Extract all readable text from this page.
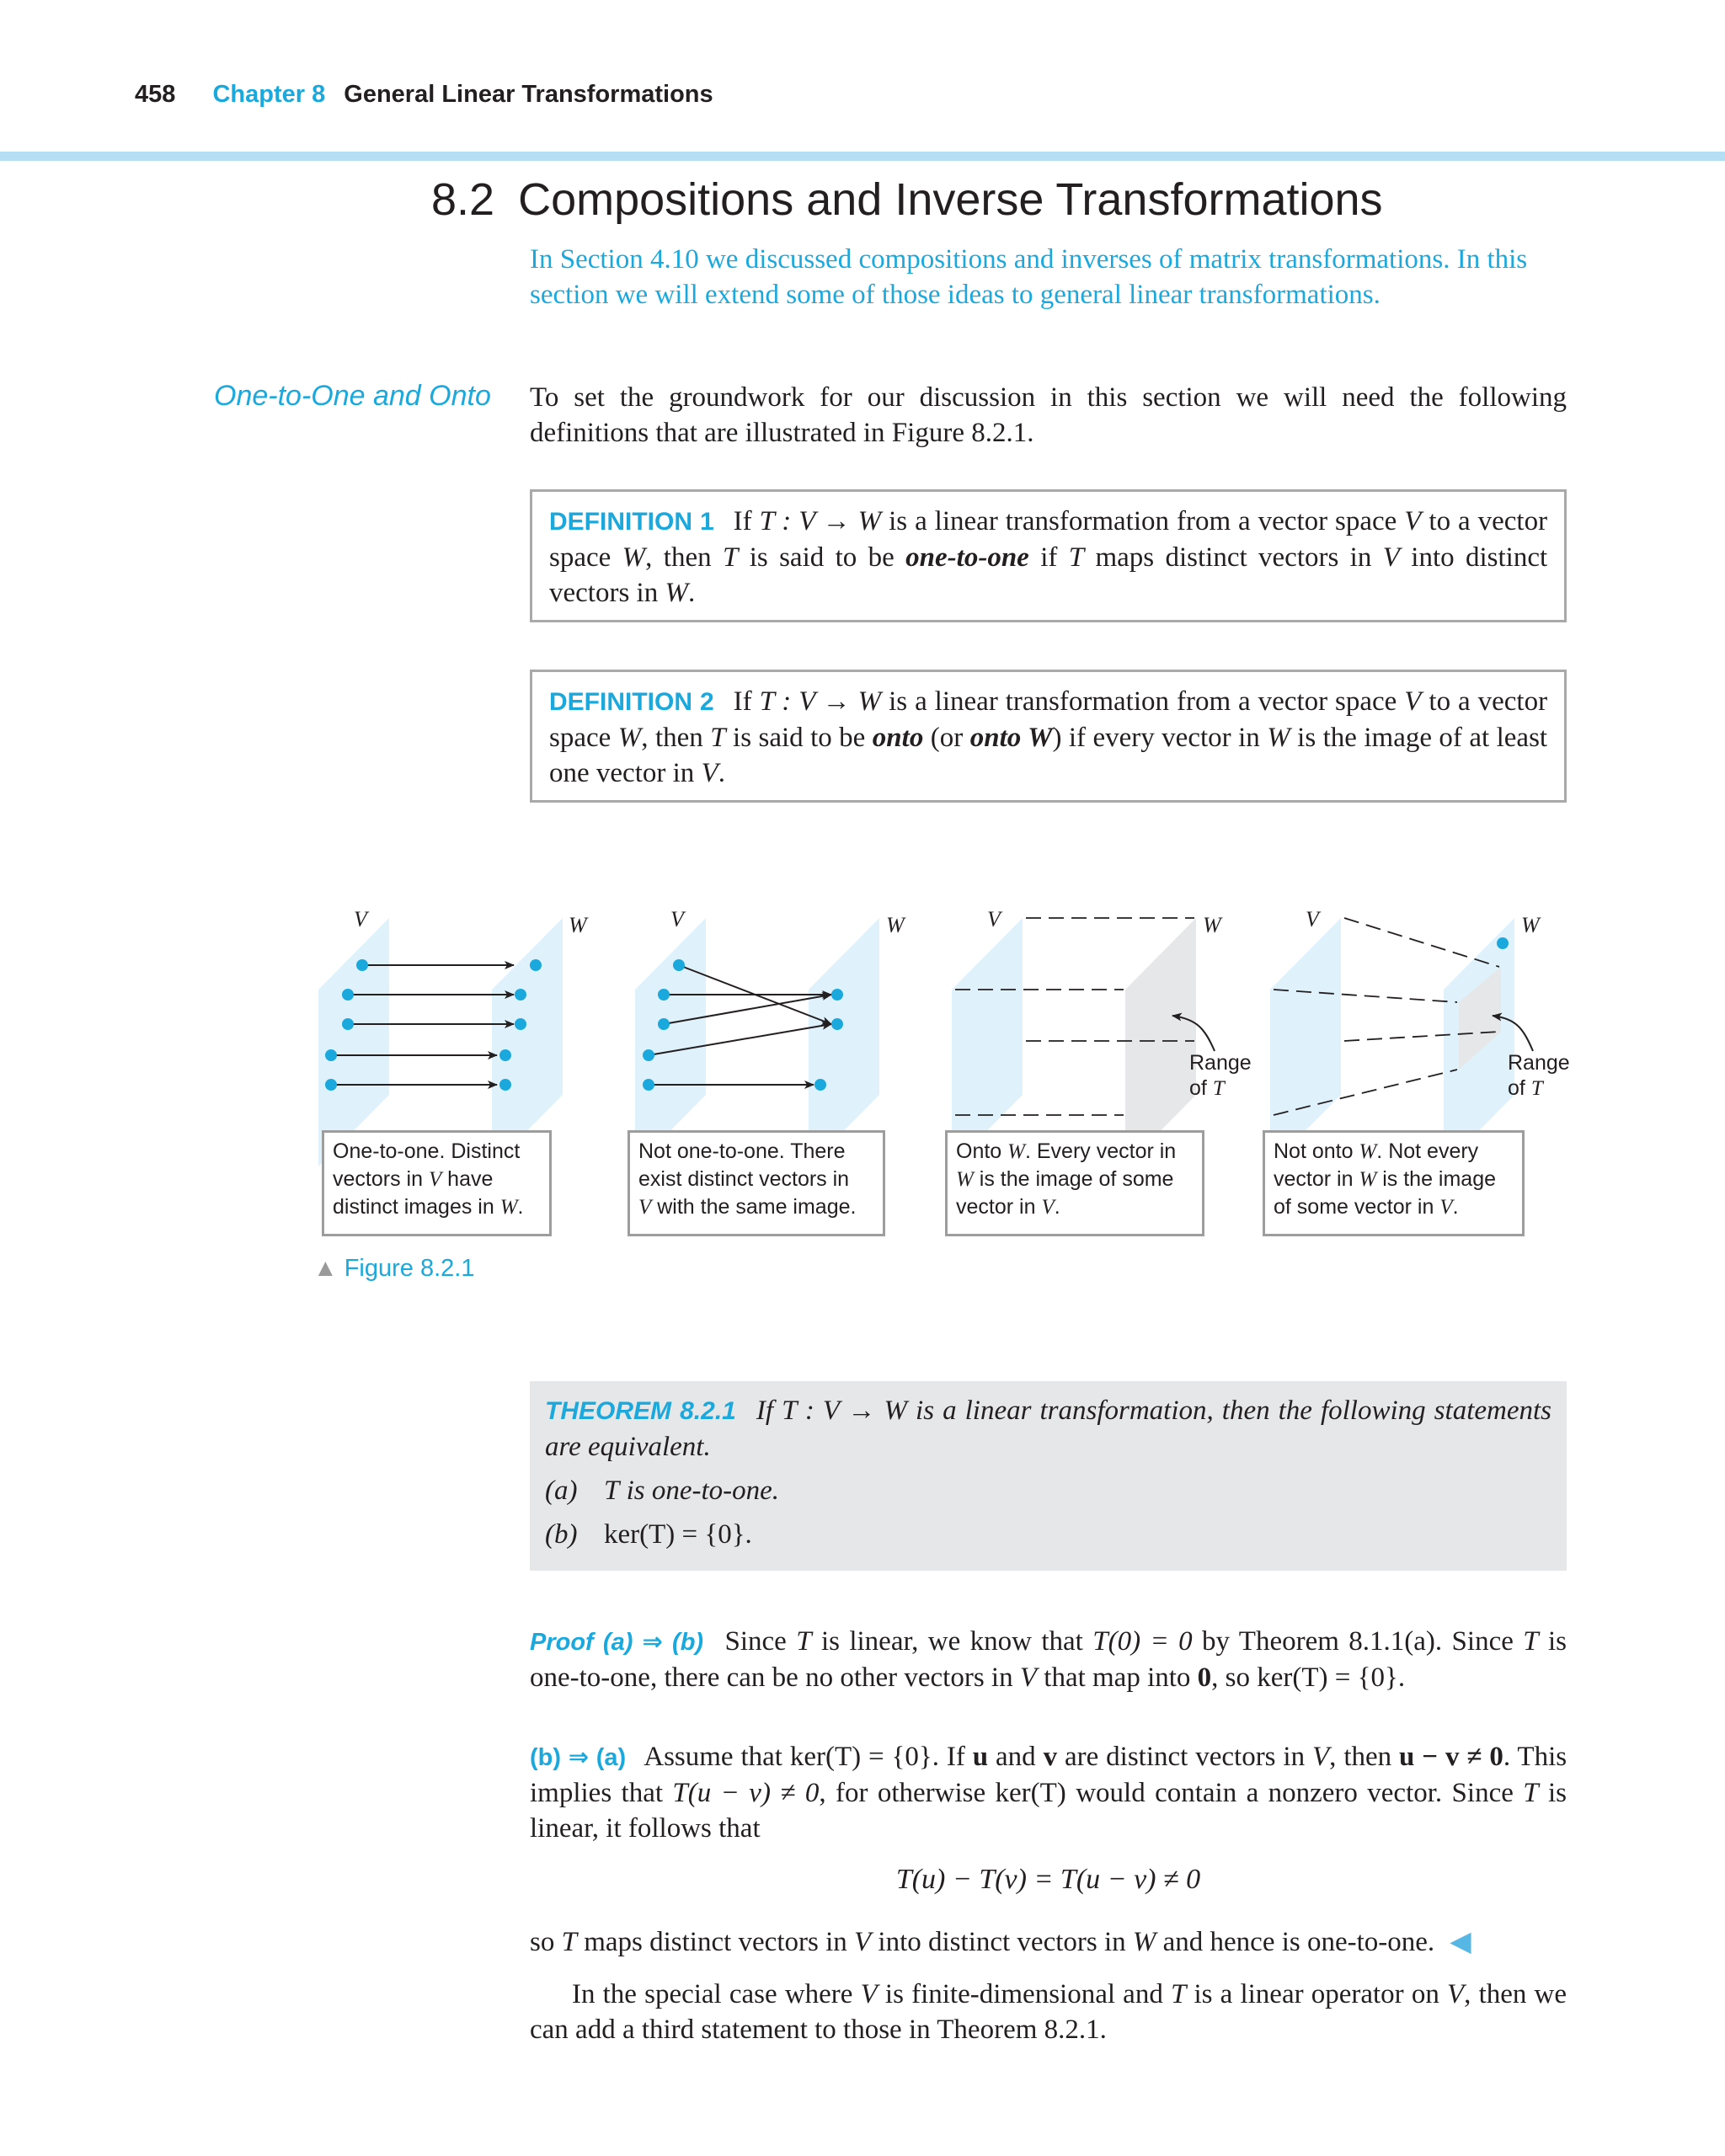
458 Chapter 8 General Linear Transformations
8.2 Compositions and Inverse Transformations
In Section 4.10 we discussed compositions and inverses of matrix transformations. In this section we will extend some of those ideas to general linear transformations.
One-to-One and Onto To set the groundwork for our discussion in this section we will need the following definitions that are illustrated in Figure 8.2.1.
DEFINITION 1 If T : V → W is a linear transformation from a vector space V to a vector space W, then T is said to be one-to-one if T maps distinct vectors in V into distinct vectors in W.
DEFINITION 2 If T : V → W is a linear transformation from a vector space V to a vector space W, then T is said to be onto (or onto W) if every vector in W is the image of at least one vector in V.
V	W	V	W	V	W
Range
of T
V	W
Range
of T
One-to-one. Distinct
vectors in V have
distinct images in W.
Not one-to-one. There
exist distinct vectors in
V with the same image.
Onto W. Every vector in
W is the image of some
vector in V.
Not onto W. Not every
vector in W is the image
of some vector in V.
▲ Figure 8.2.1
THEOREM 8.2.1 If T : V → W is a linear transformation, then the following statements are equivalent.
(a) T is one-to-one.
(b) ker(T) = {0}.
Proof (a) ⇒ (b) Since T is linear, we know that T(0) = 0 by Theorem 8.1.1(a). Since T is one-to-one, there can be no other vectors in V that map into 0, so ker(T) = {0}.
(b) ⇒ (a) Assume that ker(T) = {0}. If u and v are distinct vectors in V, then u − v ≠ 0. This implies that T(u − v) ≠ 0, for otherwise ker(T) would contain a nonzero vector. Since T is linear, it follows that
T(u) − T(v) = T(u − v) ≠ 0
so T maps distinct vectors in V into distinct vectors in W and hence is one-to-one. ◀
In the special case where V is finite-dimensional and T is a linear operator on V, then we can add a third statement to those in Theorem 8.2.1.
